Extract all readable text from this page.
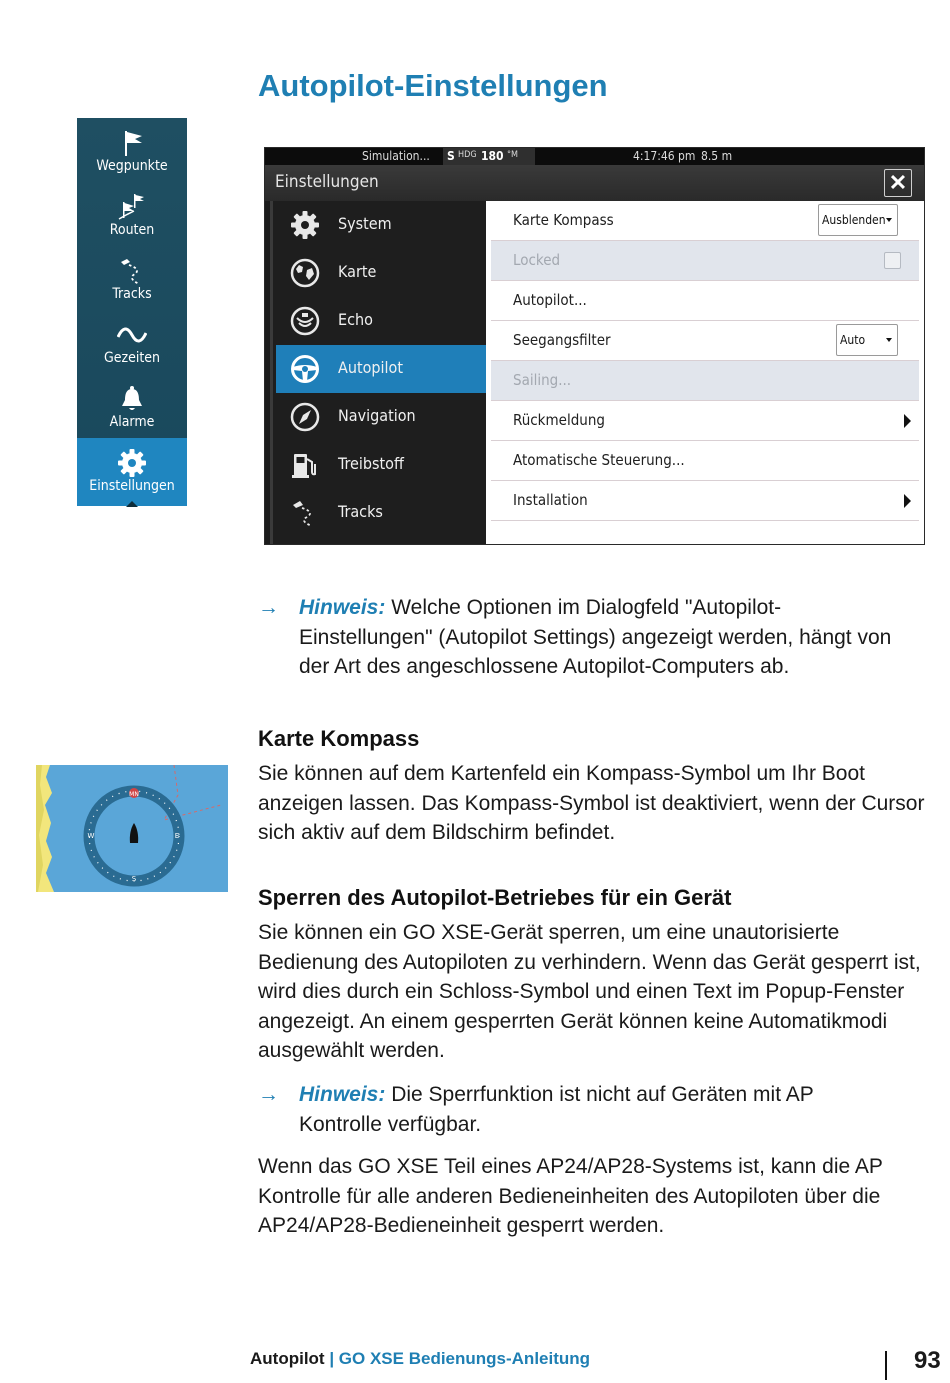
Autopilot-Einstellungen
Wegpunkte
Routen
Tracks
Gezeiten
Alarme
Einstellungen
Simulation... S HDG 180 °M	4:17:46 pm 8.5 m
Einstellungen	✕
System
Karte
Echo
Autopilot
Navigation
Treibstoff
Tracks
Karte Kompass	Ausblenden
Locked
Autopilot...
Seegangsfilter	Auto
Sailing...
Rückmeldung
Atomatische Steuerung...
Installation
→ Hinweis: Welche Optionen im Dialogfeld "Autopilot-Einstellungen" (Autopilot Settings) angezeigt werden, hängt von der Art des angeschlossene Autopilot-Computers ab.
Karte Kompass
Sie können auf dem Kartenfeld ein Kompass-Symbol um Ihr Boot anzeigen lassen. Das Kompass-Symbol ist deaktiviert, wenn der Cursor sich aktiv auf dem Bildschirm befindet.
MN
W	E
S
Sperren des Autopilot-Betriebes für ein Gerät
Sie können ein GO XSE-Gerät sperren, um eine unautorisierte Bedienung des Autopiloten zu verhindern. Wenn das Gerät gesperrt ist, wird dies durch ein Schloss-Symbol und einen Text im Popup-Fenster angezeigt. An einem gesperrten Gerät können keine Automatikmodi ausgewählt werden.
→ Hinweis: Die Sperrfunktion ist nicht auf Geräten mit AP Kontrolle verfügbar.
Wenn das GO XSE Teil eines AP24/AP28-Systems ist, kann die AP Kontrolle für alle anderen Bedieneinheiten des Autopiloten über die AP24/AP28-Bedieneinheit gesperrt werden.
Autopilot | GO XSE Bedienungs-Anleitung	93
